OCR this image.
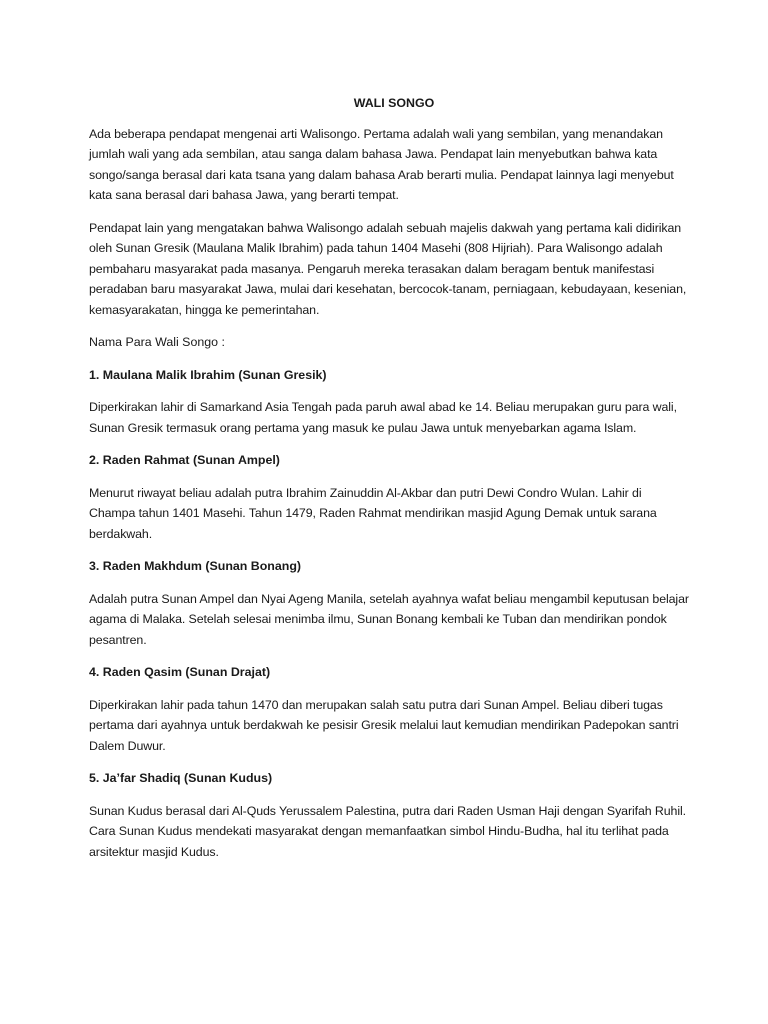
WALI SONGO

Ada beberapa pendapat mengenai arti Walisongo. Pertama adalah wali yang sembilan, yang menandakan jumlah wali yang ada sembilan, atau sanga dalam bahasa Jawa. Pendapat lain menyebutkan bahwa kata songo/sanga berasal dari kata tsana yang dalam bahasa Arab berarti mulia. Pendapat lainnya lagi menyebut kata sana berasal dari bahasa Jawa, yang berarti tempat.

Pendapat lain yang mengatakan bahwa Walisongo adalah sebuah majelis dakwah yang pertama kali didirikan oleh Sunan Gresik (Maulana Malik Ibrahim) pada tahun 1404 Masehi (808 Hijriah). Para Walisongo adalah pembaharu masyarakat pada masanya. Pengaruh mereka terasakan dalam beragam bentuk manifestasi peradaban baru masyarakat Jawa, mulai dari kesehatan, bercocok-tanam, perniagaan, kebudayaan, kesenian, kemasyarakatan, hingga ke pemerintahan.

Nama Para Wali Songo :

1. Maulana Malik Ibrahim (Sunan Gresik)

Diperkirakan lahir di Samarkand Asia Tengah pada paruh awal abad ke 14. Beliau merupakan guru para wali, Sunan Gresik termasuk orang pertama yang masuk ke pulau Jawa untuk menyebarkan agama Islam.

2. Raden Rahmat (Sunan Ampel)

Menurut riwayat beliau adalah putra Ibrahim Zainuddin Al-Akbar dan putri Dewi Condro Wulan. Lahir di Champa tahun 1401 Masehi. Tahun 1479, Raden Rahmat mendirikan masjid Agung Demak untuk sarana berdakwah.

3. Raden Makhdum (Sunan Bonang)

Adalah putra Sunan Ampel dan Nyai Ageng Manila, setelah ayahnya wafat beliau mengambil keputusan belajar agama di Malaka. Setelah selesai menimba ilmu, Sunan Bonang kembali ke Tuban dan mendirikan pondok pesantren.

4. Raden Qasim (Sunan Drajat)

Diperkirakan lahir pada tahun 1470 dan merupakan salah satu putra dari Sunan Ampel. Beliau diberi tugas pertama dari ayahnya untuk berdakwah ke pesisir Gresik melalui laut kemudian mendirikan Padepokan santri Dalem Duwur.

5. Ja’far Shadiq (Sunan Kudus)

Sunan Kudus berasal dari Al-Quds Yerussalem Palestina, putra dari Raden Usman Haji dengan Syarifah Ruhil. Cara Sunan Kudus mendekati masyarakat dengan memanfaatkan simbol Hindu-Budha, hal itu terlihat pada arsitektur masjid Kudus.
